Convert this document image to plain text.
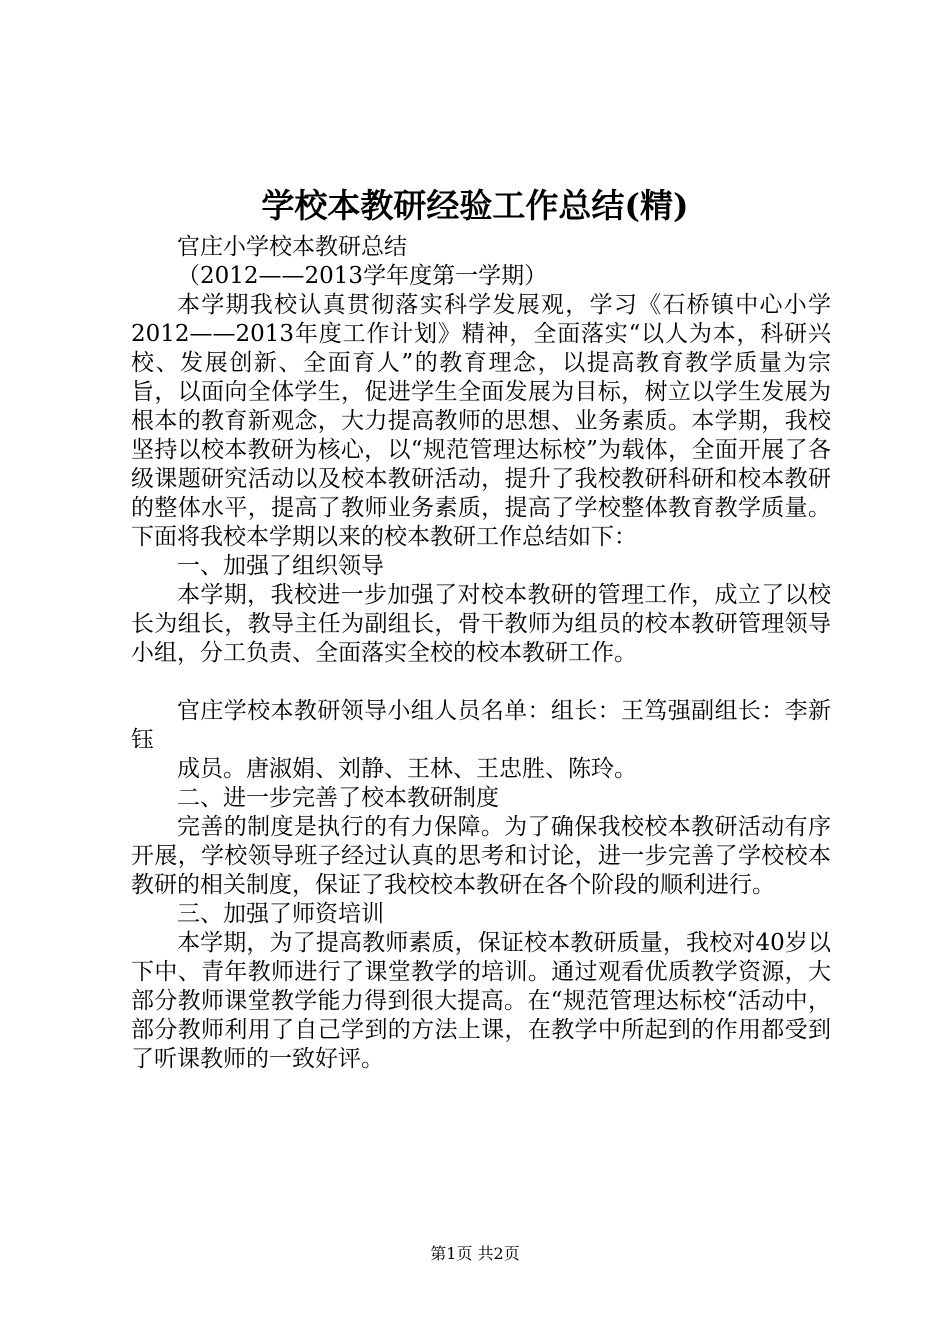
学校本教研经验工作总结(精)

官庄小学校本教研总结

（2012——2013学年度第一学期）

本学期我校认真贯彻落实科学发展观，学习《石桥镇中心小学2012——2013年度工作计划》精神，全面落实“以人为本，科研兴校、发展创新、全面育人”的教育理念，以提高教育教学质量为宗旨，以面向全体学生，促进学生全面发展为目标，树立以学生发展为根本的教育新观念，大力提高教师的思想、业务素质。本学期，我校坚持以校本教研为核心，以“规范管理达标校”为载体，全面开展了各级课题研究活动以及校本教研活动，提升了我校教研科研和校本教研的整体水平，提高了教师业务素质，提高了学校整体教育教学质量。下面将我校本学期以来的校本教研工作总结如下：

一、加强了组织领导

本学期，我校进一步加强了对校本教研的管理工作，成立了以校长为组长，教导主任为副组长，骨干教师为组员的校本教研管理领导小组，分工负责、全面落实全校的校本教研工作。

官庄学校本教研领导小组人员名单：组长：王笃强副组长：李新钰

成员。唐淑娟、刘静、王林、王忠胜、陈玲。

二、进一步完善了校本教研制度

完善的制度是执行的有力保障。为了确保我校校本教研活动有序开展，学校领导班子经过认真的思考和讨论，进一步完善了学校校本教研的相关制度，保证了我校校本教研在各个阶段的顺利进行。

三、加强了师资培训

本学期，为了提高教师素质，保证校本教研质量，我校对40岁以下中、青年教师进行了课堂教学的培训。通过观看优质教学资源，大部分教师课堂教学能力得到很大提高。在“规范管理达标校“活动中，部分教师利用了自己学到的方法上课，在教学中所起到的作用都受到了听课教师的一致好评。

第1页 共2页
